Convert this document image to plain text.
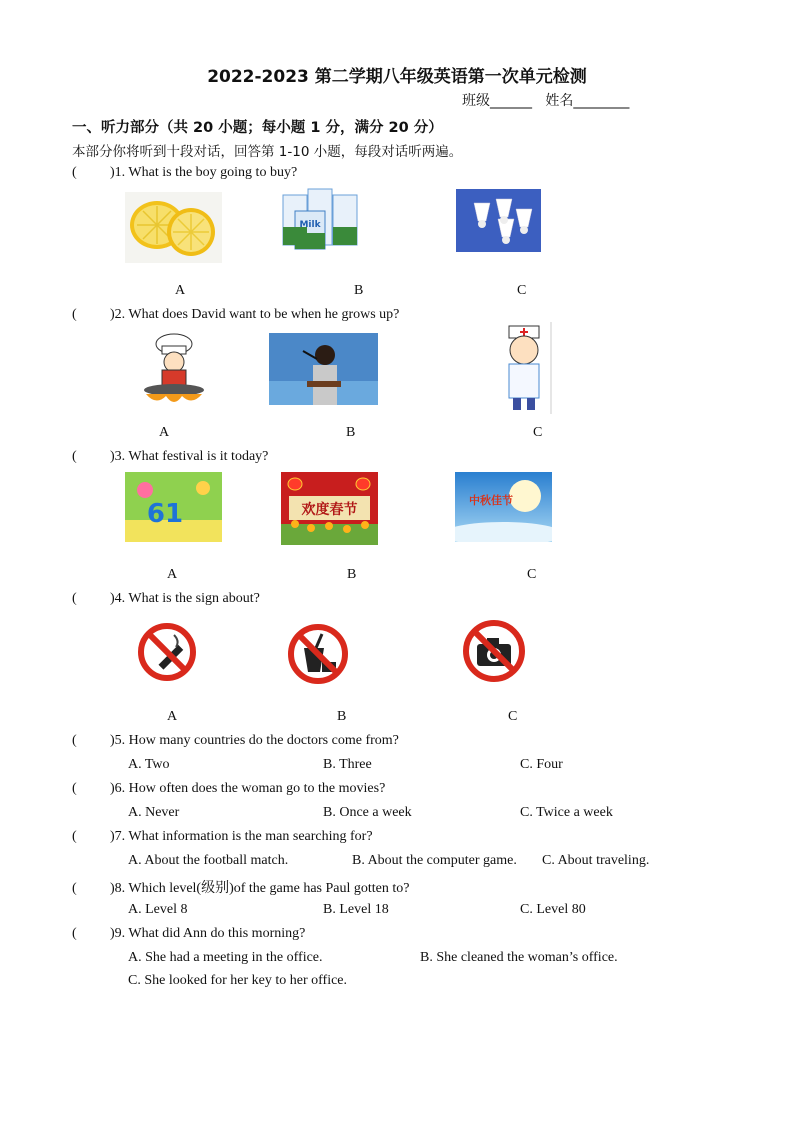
2022-2023 第二学期八年级英语第一次单元检测
班级______ 姓名________
一、听力部分（共 20 小题；每小题 1 分，满分 20 分）
本部分你将听到十段对话，回答第 1-10 小题，每段对话听两遍。
( )1. What is the boy going to buy?
Milk
A	B	C
( )2. What does David want to be when he grows up?
A	B	C
( )3. What festival is it today?
61	欢度春节
中秋佳节
A	B	C
( )4. What is the sign about?
A	B	C
( )5. How many countries do the doctors come from?
A. Two	B. Three	C. Four
( )6. How often does the woman go to the movies?
A. Never	B. Once a week	C. Twice a week
( )7. What information is the man searching for?
A. About the football match.	B. About the computer game. C. About traveling.
( )8. Which level(级别)of the game has Paul gotten to?
A. Level 8	B. Level 18	C. Level 80
( )9. What did Ann do this morning?
A. She had a meeting in the office.	B. She cleaned the woman’s office.
C. She looked for her key to her office.
